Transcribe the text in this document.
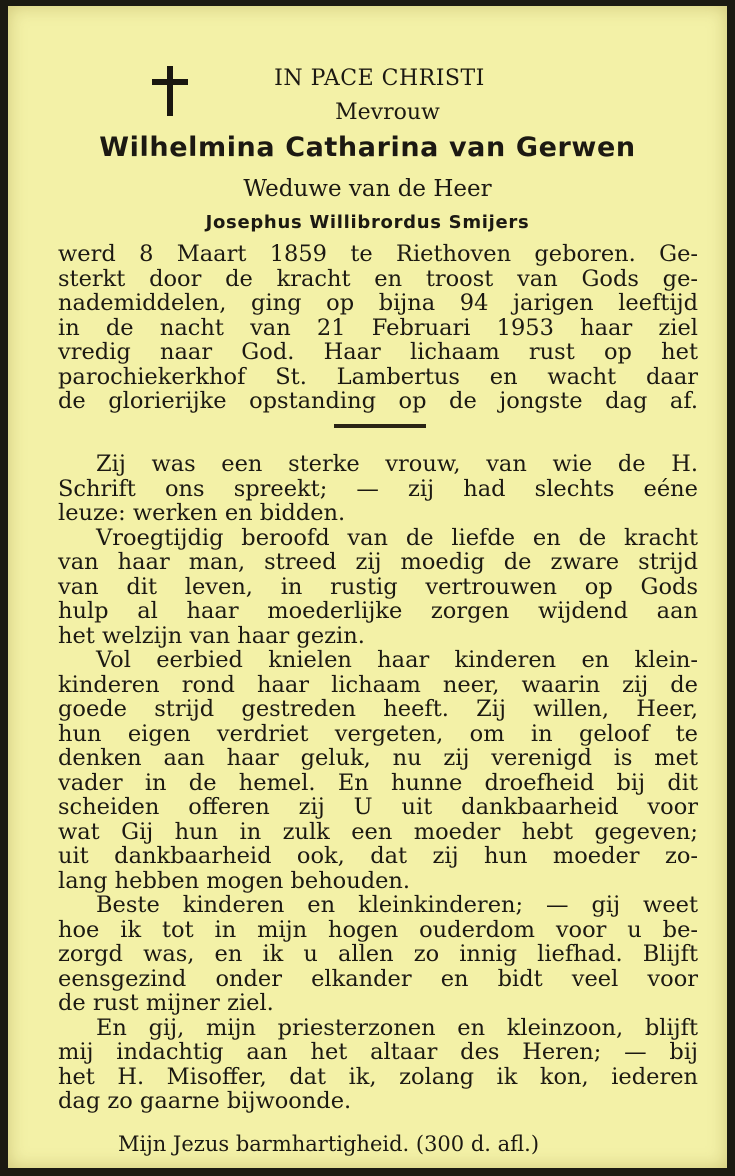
IN PACE CHRISTI
Mevrouw
Wilhelmina Catharina van Gerwen
Weduwe van de Heer
Josephus Willibrordus Smijers

werd 8 Maart 1859 te Riethoven geboren. Ge-

sterkt door de kracht en troost van Gods ge-

nademiddelen, ging op bijna 94 jarigen leeftijd

in de nacht van 21 Februari 1953 haar ziel

vredig naar God. Haar lichaam rust op het

parochiekerkhof St. Lambertus en wacht daar

de glorierijke opstanding op de jongste dag af.

Zij was een sterke vrouw, van wie de H.

Schrift ons spreekt; — zij had slechts eéne

leuze: werken en bidden.

Vroegtijdig beroofd van de liefde en de kracht

van haar man, streed zij moedig de zware strijd

van dit leven, in rustig vertrouwen op Gods

hulp al haar moederlijke zorgen wijdend aan

het welzijn van haar gezin.

Vol eerbied knielen haar kinderen en klein-

kinderen rond haar lichaam neer, waarin zij de

goede strijd gestreden heeft. Zij willen, Heer,

hun eigen verdriet vergeten, om in geloof te

denken aan haar geluk, nu zij verenigd is met

vader in de hemel. En hunne droefheid bij dit

scheiden offeren zij U uit dankbaarheid voor

wat Gij hun in zulk een moeder hebt gegeven;

uit dankbaarheid ook, dat zij hun moeder zo-

lang hebben mogen behouden.

Beste kinderen en kleinkinderen; — gij weet

hoe ik tot in mijn hogen ouderdom voor u be-

zorgd was, en ik u allen zo innig liefhad. Blijft

eensgezind onder elkander en bidt veel voor

de rust mijner ziel.

En gij, mijn priesterzonen en kleinzoon, blijft

mij indachtig aan het altaar des Heren; — bij

het H. Misoffer, dat ik, zolang ik kon, iederen

dag zo gaarne bijwoonde.

Mijn Jezus barmhartigheid. (300 d. afl.)
